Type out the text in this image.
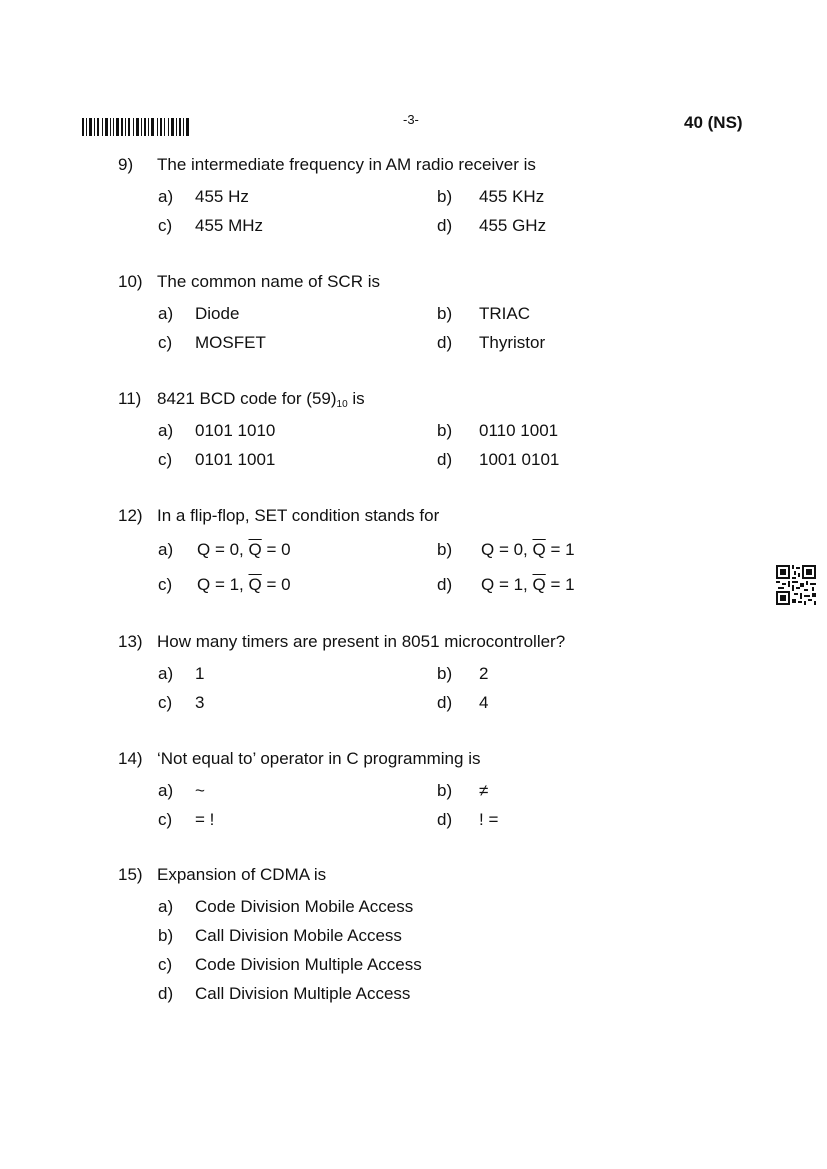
-3-	40 (NS)
9) The intermediate frequency in AM radio receiver is
a) 455 Hz	b) 455 KHz
c) 455 MHz	d) 455 GHz
10) The common name of SCR is
a) Diode	b) TRIAC
c) MOSFET	d) Thyristor
11) 8421 BCD code for $(59)_{10}$ is
a) 0101 1010	b) 0110 1001
c) 0101 1001	d) 1001 0101
12) In a flip-flop, SET condition stands for
a) Q = 0, $\overline{Q} = 0$	b) Q = 0, $\overline{Q} = 1$
c) Q = 1, $\overline{Q} = 0$	d) Q = 1, $\overline{Q} = 1$
13) How many timers are present in 8051 microcontroller?
a) 1	b) 2
c) 3	d) 4
14) ‘Not equal to’ operator in C programming is
a) ~	b) ≠
c) = !	d) ! =
15) Expansion of CDMA is
a) Code Division Mobile Access
b) Call Division Mobile Access
c) Code Division Multiple Access
d) Call Division Multiple Access
